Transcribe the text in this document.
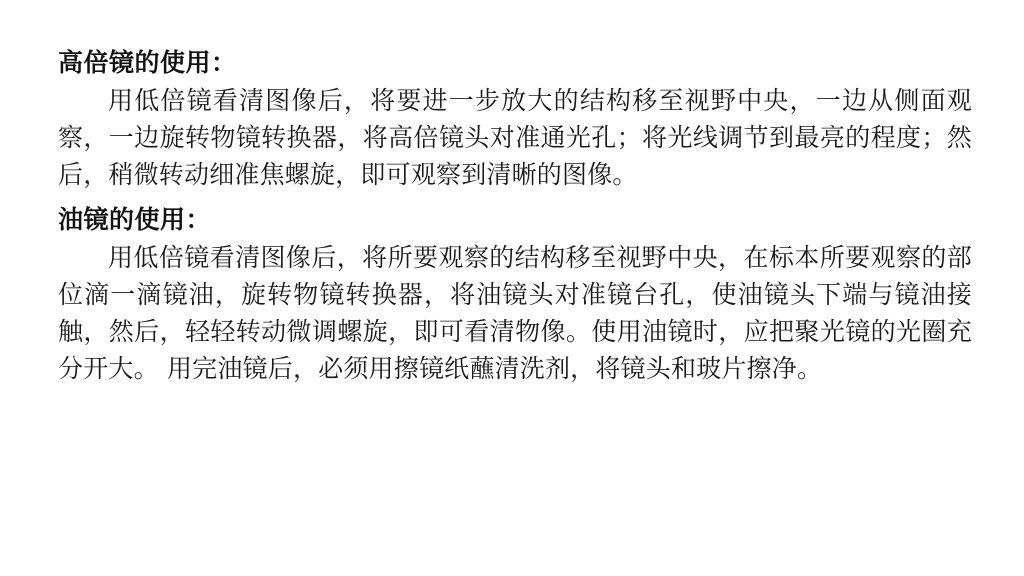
高倍镜的使用：

用低倍镜看清图像后，将要进一步放大的结构移至视野中央，一边从侧面观察，一边旋转物镜转换器，将高倍镜头对准通光孔；将光线调节到最亮的程度；然后，稍微转动细准焦螺旋，即可观察到清晰的图像。

油镜的使用：

用低倍镜看清图像后，将所要观察的结构移至视野中央，在标本所要观察的部位滴一滴镜油，旋转物镜转换器，将油镜头对准镜台孔，使油镜头下端与镜油接触，然后，轻轻转动微调螺旋，即可看清物像。使用油镜时，应把聚光镜的光圈充分开大。 用完油镜后，必须用擦镜纸蘸清洗剂，将镜头和玻片擦净。
